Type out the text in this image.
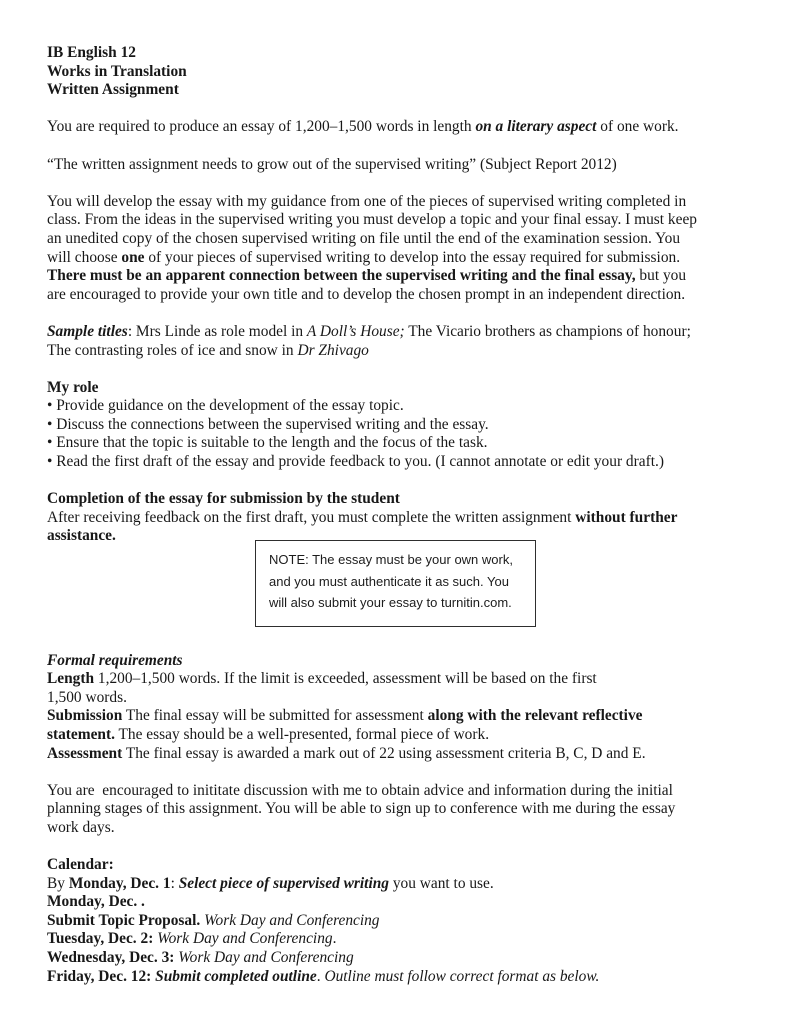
IB English 12
Works in Translation
Written Assignment

You are required to produce an essay of 1,200–1,500 words in length on a literary aspect of one work.

“The written assignment needs to grow out of the supervised writing” (Subject Report 2012)

You will develop the essay with my guidance from one of the pieces of supervised writing completed in
class. From the ideas in the supervised writing you must develop a topic and your final essay. I must keep
an unedited copy of the chosen supervised writing on file until the end of the examination session. You
will choose one of your pieces of supervised writing to develop into the essay required for submission.
There must be an apparent connection between the supervised writing and the final essay, but you
are encouraged to provide your own title and to develop the chosen prompt in an independent direction.

Sample titles: Mrs Linde as role model in A Doll’s House; The Vicario brothers as champions of honour;
The contrasting roles of ice and snow in Dr Zhivago

My role
• Provide guidance on the development of the essay topic.
• Discuss the connections between the supervised writing and the essay.
• Ensure that the topic is suitable to the length and the focus of the task.
• Read the first draft of the essay and provide feedback to you. (I cannot annotate or edit your draft.)

Completion of the essay for submission by the student
After receiving feedback on the first draft, you must complete the written assignment without further
assistance.
NOTE: The essay must be your own work,
and you must authenticate it as such. You
will also submit your essay to turnitin.com.
Formal requirements
Length 1,200–1,500 words. If the limit is exceeded, assessment will be based on the first
1,500 words.
Submission The final essay will be submitted for assessment along with the relevant reflective
statement. The essay should be a well-presented, formal piece of work.
Assessment The final essay is awarded a mark out of 22 using assessment criteria B, C, D and E.

You are  encouraged to inititate discussion with me to obtain advice and information during the initial
planning stages of this assignment. You will be able to sign up to conference with me during the essay
work days.

Calendar:
By Monday, Dec. 1: Select piece of supervised writing you want to use.
Monday, Dec. .
Submit Topic Proposal. Work Day and Conferencing
Tuesday, Dec. 2: Work Day and Conferencing.
Wednesday, Dec. 3: Work Day and Conferencing
Friday, Dec. 12: Submit completed outline. Outline must follow correct format as below.
